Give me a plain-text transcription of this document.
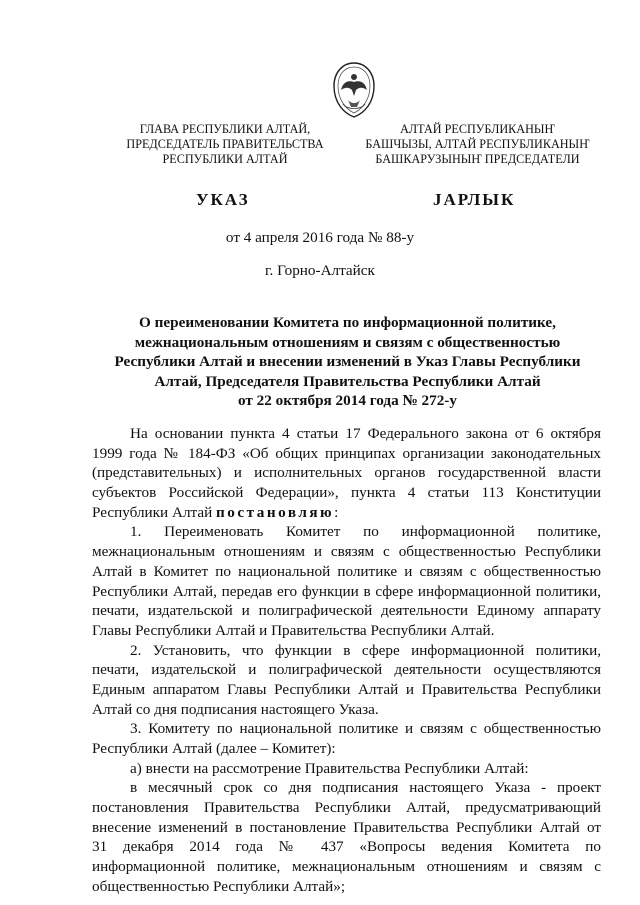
ГЛАВА РЕСПУБЛИКИ АЛТАЙ,
ПРЕДСЕДАТЕЛЬ ПРАВИТЕЛЬСТВА
РЕСПУБЛИКИ АЛТАЙ
АЛТАЙ РЕСПУБЛИКАНЫҤ
БАШЧЫЗЫ, АЛТАЙ РЕСПУБЛИКАНЫҤ
БАШКАРУЗЫНЫҤ ПРЕДСЕДАТЕЛИ
УКАЗ	ЈАРЛЫК
от 4 апреля 2016 года № 88-у
г. Горно-Алтайск
О переименовании Комитета по информационной политике,
межнациональным отношениям и связям с общественностью
Республики Алтай и внесении изменений в Указ Главы Республики
Алтай, Председателя Правительства Республики Алтай
от 22 октября 2014 года № 272-у
На основании пункта 4 статьи 17 Федерального закона от 6 октября
1999 года № 184-ФЗ «Об общих принципах организации законодательных
(представительных) и исполнительных органов государственной власти
субъектов Российской Федерации», пункта 4 статьи 113 Конституции
Республики Алтай постановляю:
1. Переименовать Комитет по информационной политике,
межнациональным отношениям и связям с общественностью Республики
Алтай в Комитет по национальной политике и связям с общественностью
Республики Алтай, передав его функции в сфере информационной политики,
печати, издательской и полиграфической деятельности Единому аппарату
Главы Республики Алтай и Правительства Республики Алтай.
2. Установить, что функции в сфере информационной политики,
печати, издательской и полиграфической деятельности осуществляются
Единым аппаратом Главы Республики Алтай и Правительства Республики
Алтай со дня подписания настоящего Указа.
3. Комитету по национальной политике и связям с общественностью
Республики Алтай (далее – Комитет):
а) внести на рассмотрение Правительства Республики Алтай:
в месячный срок со дня подписания настоящего Указа - проект
постановления Правительства Республики Алтай, предусматривающий
внесение изменений в постановление Правительства Республики Алтай от
31 декабря 2014 года № 437 «Вопросы ведения Комитета по
информационной политике, межнациональным отношениям и связям с
общественностью Республики Алтай»;
